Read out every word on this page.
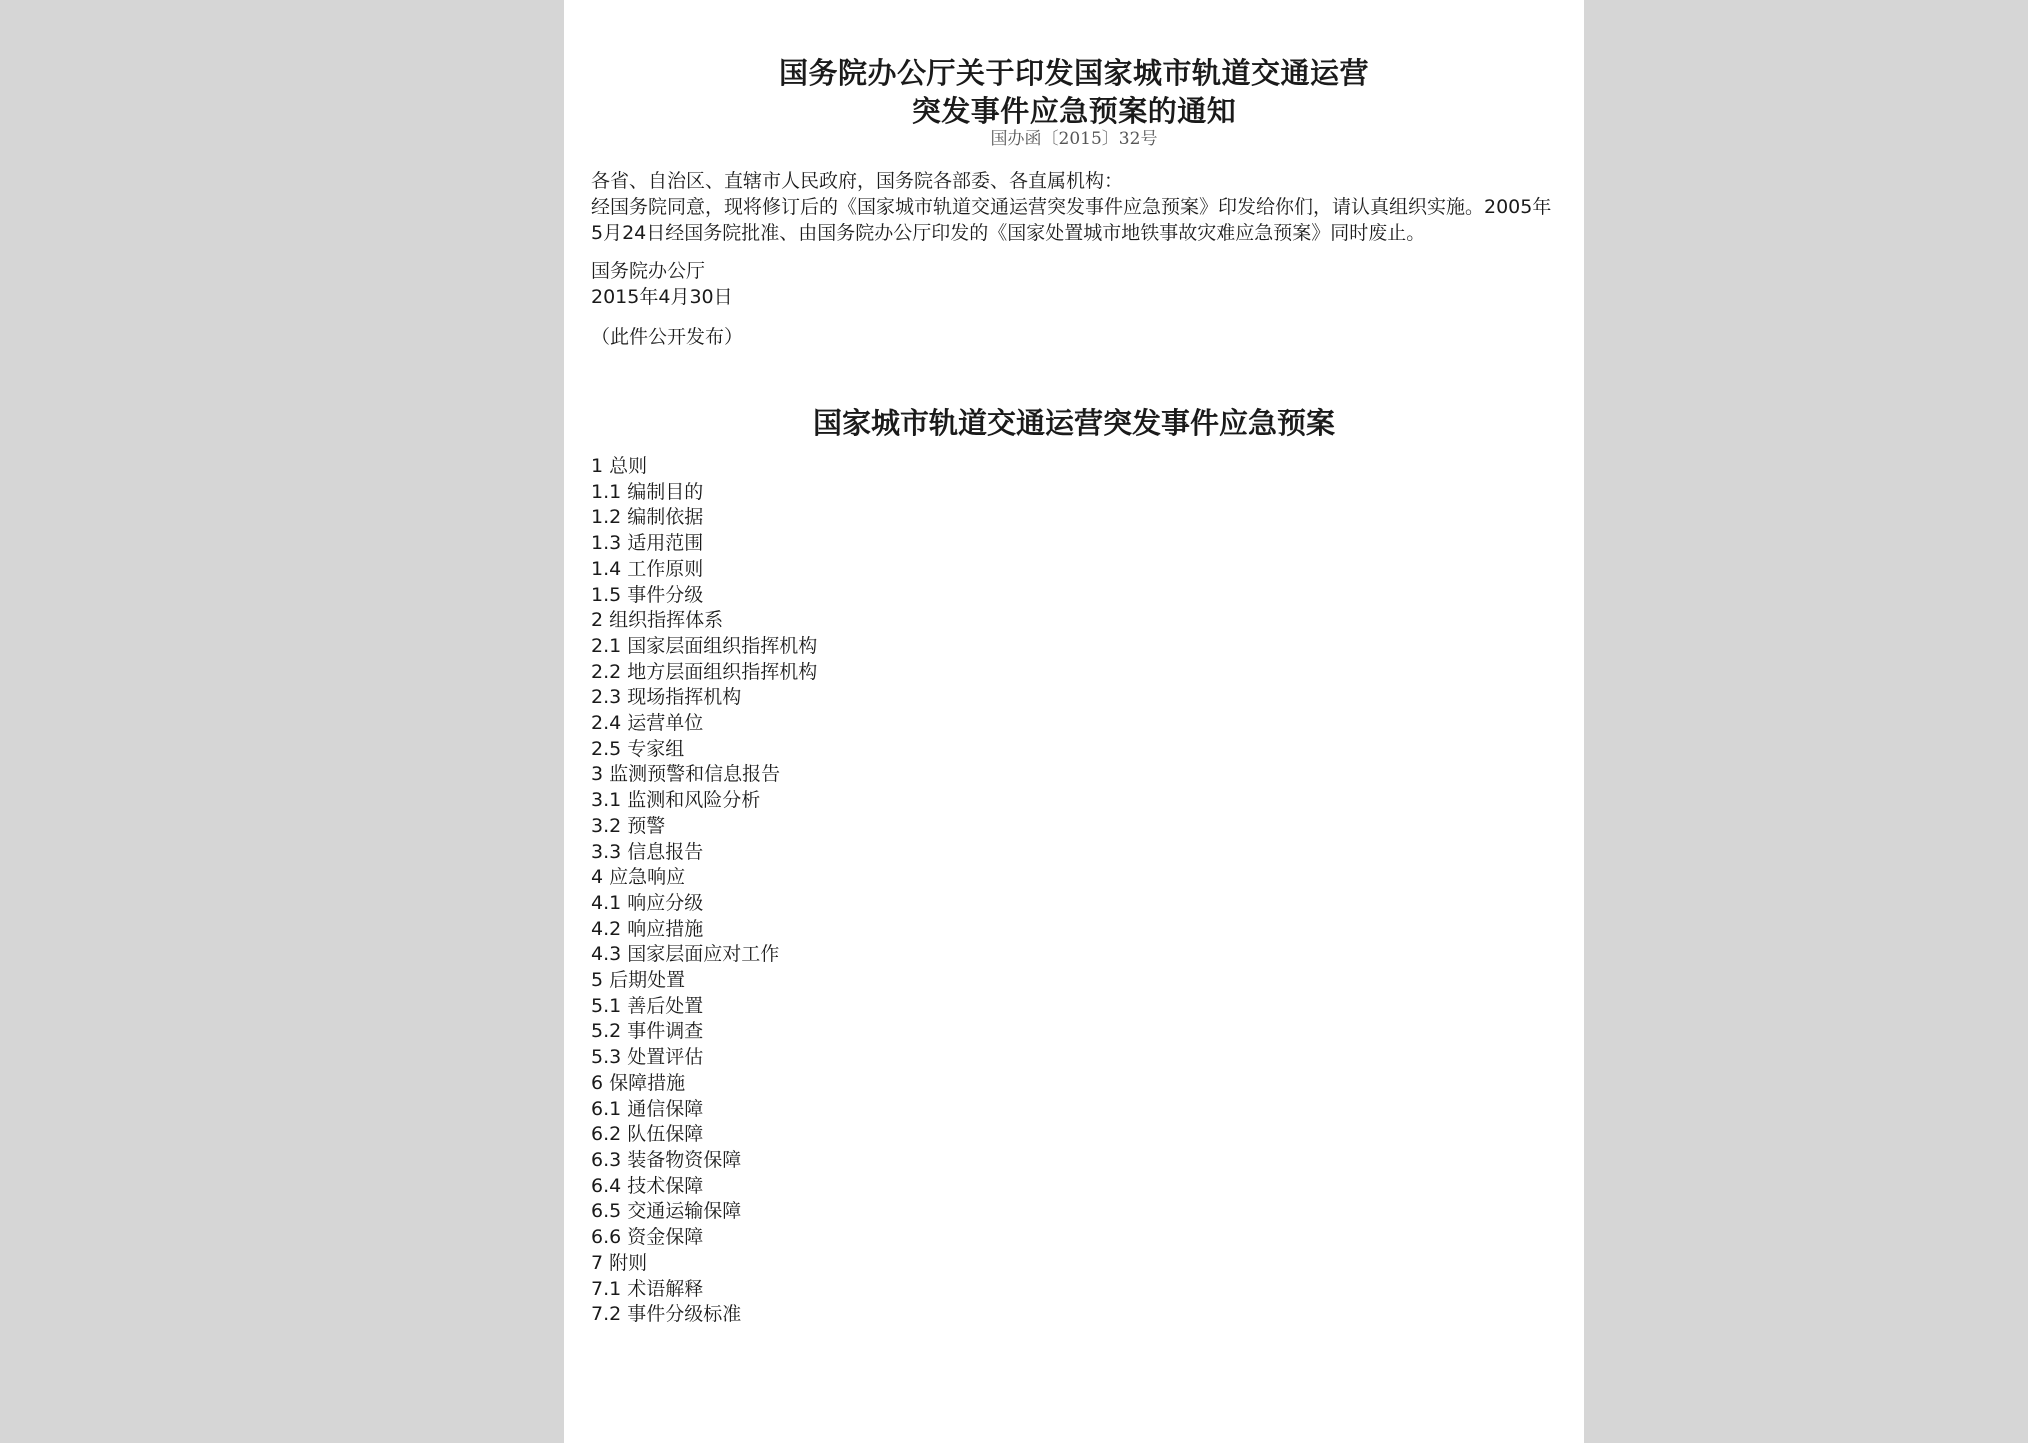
国务院办公厅关于印发国家城市轨道交通运营
突发事件应急预案的通知
国办函〔2015〕32号

各省、自治区、直辖市人民政府，国务院各部委、各直属机构：

经国务院同意，现将修订后的《国家城市轨道交通运营突发事件应急预案》印发给你们，请认真组织实施。2005年5月24日经国务院批准、由国务院办公厅印发的《国家处置城市地铁事故灾难应急预案》同时废止。

国务院办公厅

2015年4月30日

（此件公开发布）

国家城市轨道交通运营突发事件应急预案
1 总则
1.1 编制目的
1.2 编制依据
1.3 适用范围
1.4 工作原则
1.5 事件分级
2 组织指挥体系
2.1 国家层面组织指挥机构
2.2 地方层面组织指挥机构
2.3 现场指挥机构
2.4 运营单位
2.5 专家组
3 监测预警和信息报告
3.1 监测和风险分析
3.2 预警
3.3 信息报告
4 应急响应
4.1 响应分级
4.2 响应措施
4.3 国家层面应对工作
5 后期处置
5.1 善后处置
5.2 事件调查
5.3 处置评估
6 保障措施
6.1 通信保障
6.2 队伍保障
6.3 装备物资保障
6.4 技术保障
6.5 交通运输保障
6.6 资金保障
7 附则
7.1 术语解释
7.2 事件分级标准
